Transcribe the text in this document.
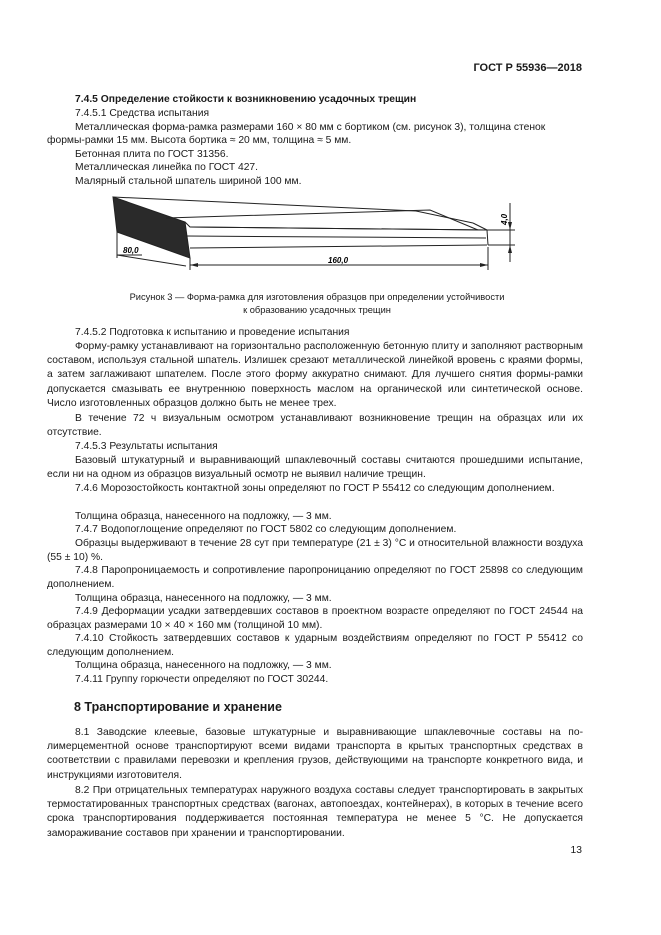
ГОСТ Р 55936—2018
7.4.5 Определение стойкости к возникновению усадочных трещин
7.4.5.1 Средства испытания
Металлическая форма-рамка размерами 160 × 80 мм с бортиком (см. рисунок 3), толщина стенок
формы-рамки 15 мм. Высота бортика ≈ 20 мм, толщина ≈ 5 мм.
Бетонная плита по ГОСТ 31356.
Металлическая линейка по ГОСТ 427.
Малярный стальной шпатель шириной 100 мм.
80,0
160,0
4,0
Рисунок 3 — Форма-рамка для изготовления образцов при определении устойчивости
к образованию усадочных трещин
7.4.5.2 Подготовка к испытанию и проведение испытания
Форму-рамку устанавливают на горизонтально расположенную бетонную плиту и заполняют растворным составом, используя стальной шпатель. Излишек срезают металлической линейкой вровень с краями формы, а затем заглаживают шпателем. После этого форму аккуратно снимают. Для лучшего снятия формы-рамки допускается смазывать ее внутреннюю поверхность маслом на органической или синтетической основе. Число изготовленных образцов должно быть не менее трех.
В течение 72 ч визуальным осмотром устанавливают возникновение трещин на образцах или их отсутствие.
7.4.5.3 Результаты испытания
Базовый штукатурный и выравнивающий шпаклевочный составы считаются прошедшими испытание, если ни на одном из образцов визуальный осмотр не выявил наличие трещин.
7.4.6 Морозостойкость контактной зоны определяют по ГОСТ Р 55412 со следующим дополнением.
Толщина образца, нанесенного на подложку, — 3 мм.
7.4.7 Водопоглощение определяют по ГОСТ 5802 со следующим дополнением.
Образцы выдерживают в течение 28 сут при температуре (21 ± 3) °С и относительной влажности воздуха (55 ± 10) %.
7.4.8 Паропроницаемость и сопротивление паропроницанию определяют по ГОСТ 25898 со следующим дополнением.
Толщина образца, нанесенного на подложку, — 3 мм.
7.4.9 Деформации усадки затвердевших составов в проектном возрасте определяют по ГОСТ 24544 на образцах размерами 10 × 40 × 160 мм (толщиной 10 мм).
7.4.10 Стойкость затвердевших составов к ударным воздействиям определяют по ГОСТ Р 55412 со следующим дополнением.
Толщина образца, нанесенного на подложку, — 3 мм.
7.4.11 Группу горючести определяют по ГОСТ 30244.
8 Транспортирование и хранение
8.1 Заводские клеевые, базовые штукатурные и выравнивающие шпаклевочные составы на полимерцементной основе транспортируют всеми видами транспорта в крытых транспортных средствах в соответствии с правилами перевозки и крепления грузов, действующими на транспорте конкретного вида, и инструкциями изготовителя.
8.2 При отрицательных температурах наружного воздуха составы следует транспортировать в закрытых термостатированных транспортных средствах (вагонах, автопоездах, контейнерах), в которых в течение всего срока транспортирования поддерживается постоянная температура не менее 5 °С. Не допускается замораживание составов при хранении и транспортировании.
13
